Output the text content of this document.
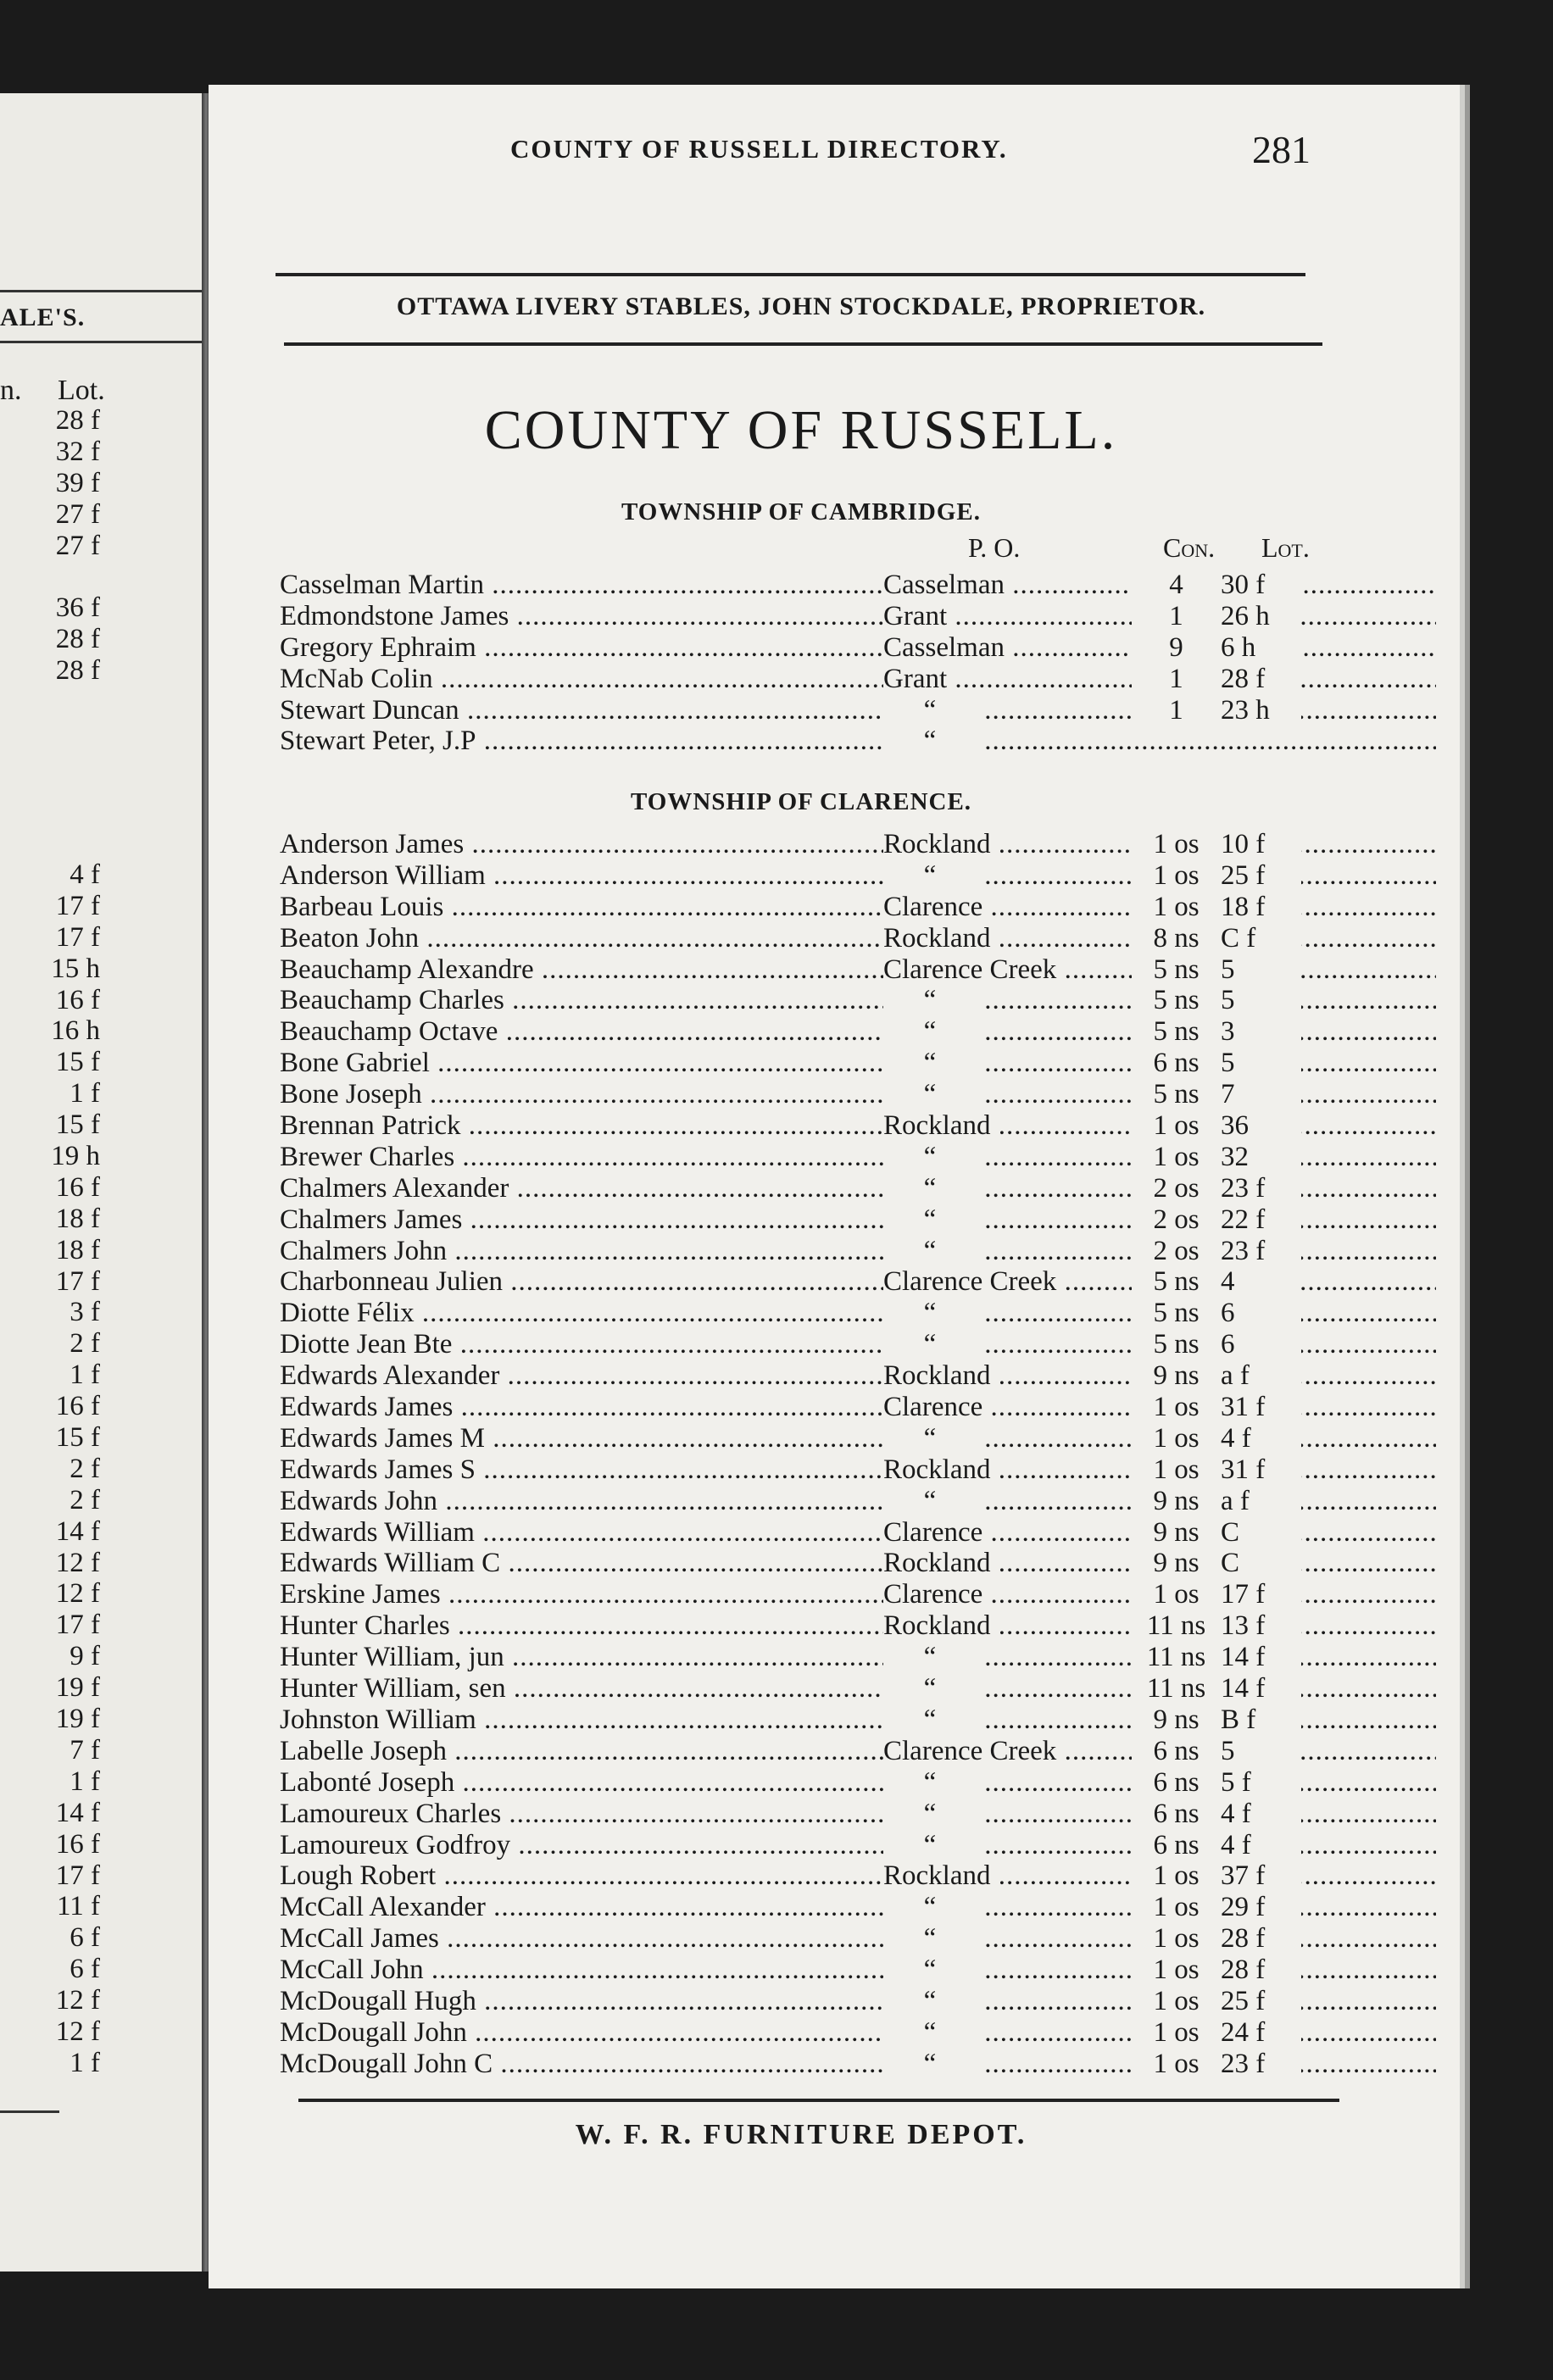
ALE'S.
n. Lot.
28 f
32 f
39 f
27 f
27 f
36 f
28 f
28 f
4 f
17 f
17 f
15 h
16 f
16 h
15 f
1 f
15 f
19 h
16 f
18 f
18 f
17 f
3 f
2 f
1 f
16 f
15 f
2 f
2 f
14 f
12 f
12 f
17 f
9 f
19 f
19 f
7 f
1 f
14 f
16 f
17 f
11 f
6 f
6 f
12 f
12 f
1 f
COUNTY OF RUSSELL DIRECTORY.	281
OTTAWA LIVERY STABLES, JOHN STOCKDALE, PROPRIETOR.
COUNTY OF RUSSELL.
TOWNSHIP OF CAMBRIDGE.
P. O.	Con. Lot.
Casselman Martin .....	Casselman .....	4	30 f
Edmondstone James .....	Grant .....	1	26 h
Gregory Ephraim .....	Casselman .....	9	6 h
McNab Colin .....	Grant .....	1	28 f
Stewart Duncan .....	“ .....	1	23 h
Stewart Peter, J.P .....	“ .....
TOWNSHIP OF CLARENCE.
Anderson James .....	Rockland .....	1 os 10 f
Anderson William .....	“ .....	1 os 25 f
Barbeau Louis .....	Clarence .....	1 os 18 f
Beaton John .....	Rockland .....	8 ns C f
Beauchamp Alexandre .....	Clarence Creek .....	5 ns 5
Beauchamp Charles .....	“ .....	5 ns 5
Beauchamp Octave .....	“ .....	5 ns 3
Bone Gabriel .....	“ .....	6 ns 5
Bone Joseph .....	“ .....	5 ns 7
Brennan Patrick .....	Rockland .....	1 os 36
Brewer Charles .....	“ .....	1 os 32
Chalmers Alexander .....	“ .....	2 os 23 f
Chalmers James .....	“ .....	2 os 22 f
Chalmers John .....	“ .....	2 os 23 f
Charbonneau Julien .....	Clarence Creek .....	5 ns 4
Diotte Félix .....	“ .....	5 ns 6
Diotte Jean Bte .....	“ .....	5 ns 6
Edwards Alexander .....	Rockland .....	9 ns a f
Edwards James .....	Clarence .....	1 os 31 f
Edwards James M .....	“ .....	1 os 4 f
Edwards James S .....	Rockland .....	1 os 31 f
Edwards John .....	“ .....	9 ns a f
Edwards William .....	Clarence .....	9 ns C
Edwards William C .....	Rockland .....	9 ns C
Erskine James .....	Clarence .....	1 os 17 f
Hunter Charles .....	Rockland .....	11 ns 13 f
Hunter William, jun .....	“ .....	11 ns 14 f
Hunter William, sen .....	“ .....	11 ns 14 f
Johnston William .....	“ .....	9 ns B f
Labelle Joseph .....	Clarence Creek .....	6 ns 5
Labonté Joseph .....	“ .....	6 ns 5 f
Lamoureux Charles .....	“ .....	6 ns 4 f
Lamoureux Godfroy .....	“ .....	6 ns 4 f
Lough Robert .....	Rockland .....	1 os 37 f
McCall Alexander .....	“ .....	1 os 29 f
McCall James .....	“ .....	1 os 28 f
McCall John .....	“ .....	1 os 28 f
McDougall Hugh .....	“ .....	1 os 25 f
McDougall John .....	“ .....	1 os 24 f
McDougall John C .....	“ .....	1 os 23 f
W. F. R. FURNITURE DEPOT.
